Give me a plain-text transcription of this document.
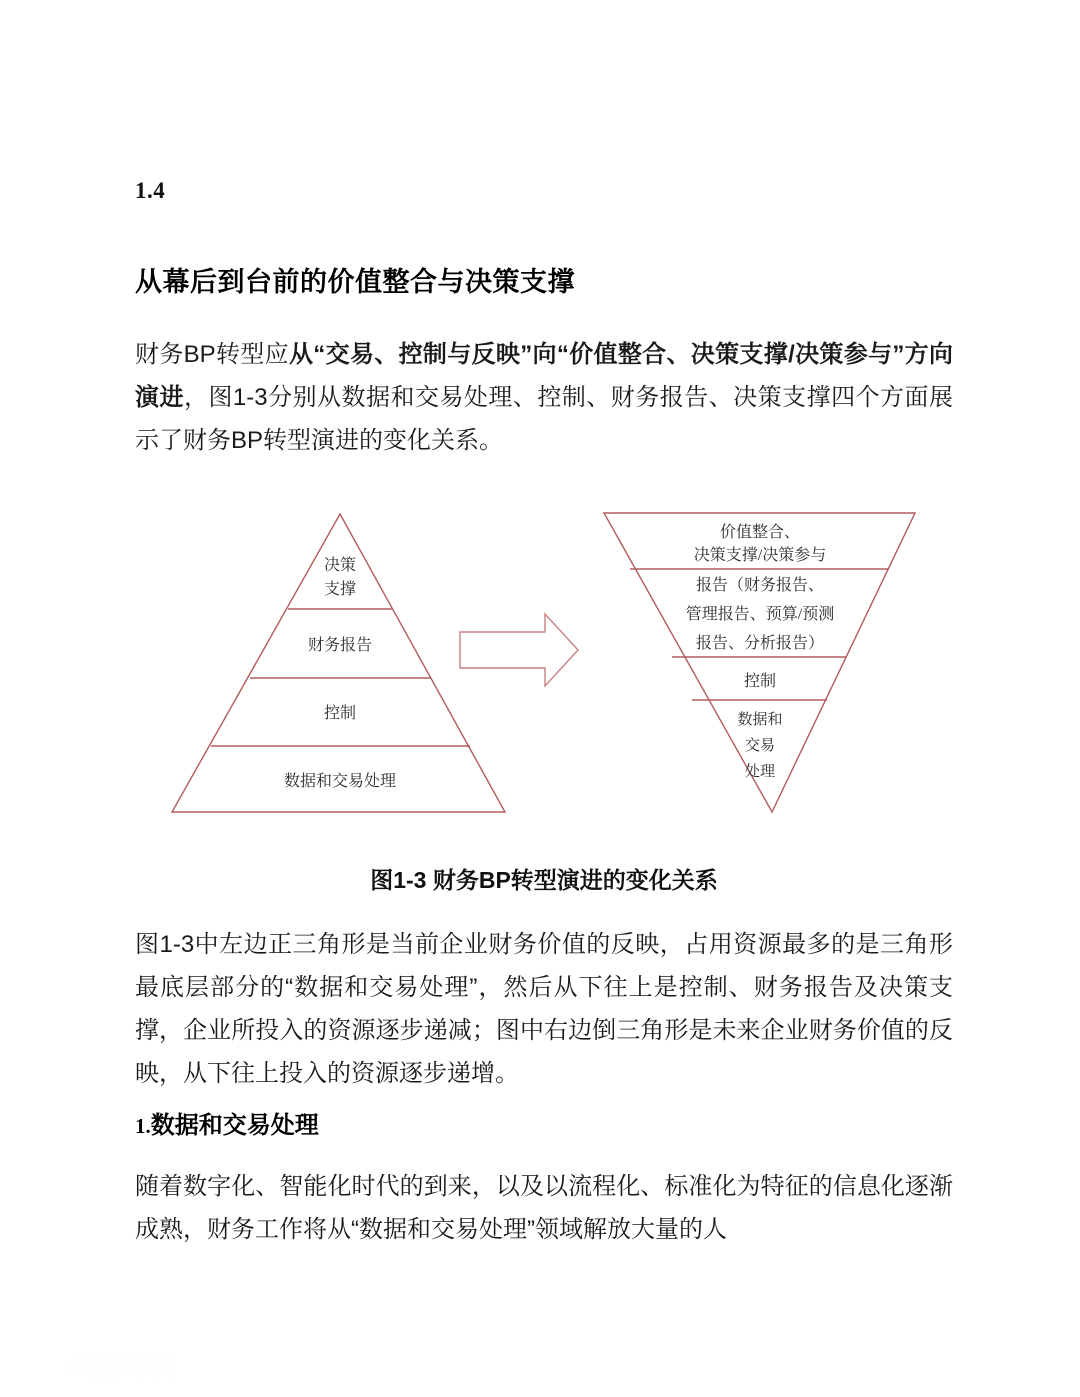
1.4
从幕后到台前的价值整合与决策支撑
财务BP转型应从“交易、控制与反映”向“价值整合、决策支撑/决策参与”方向演进，图1-3分别从数据和交易处理、控制、财务报告、决策支撑四个方面展示了财务BP转型演进的变化关系。
决策
支撑
财务报告
控制
数据和交易处理
价值整合、
决策支撑/决策参与
报告（财务报告、
管理报告、预算/预测
报告、分析报告）
控制
数据和
交易
处理
图1-3 财务BP转型演进的变化关系
图1-3中左边正三角形是当前企业财务价值的反映，占用资源最多的是三角形最底层部分的“数据和交易处理”，然后从下往上是控制、财务报告及决策支撑，企业所投入的资源逐步递减；图中右边倒三角形是未来企业财务价值的反映，从下往上投入的资源逐步递增。
1.数据和交易处理
随着数字化、智能化时代的到来，以及以流程化、标准化为特征的信息化逐渐成熟，财务工作将从“数据和交易处理”领域解放大量的人
大数跨境
